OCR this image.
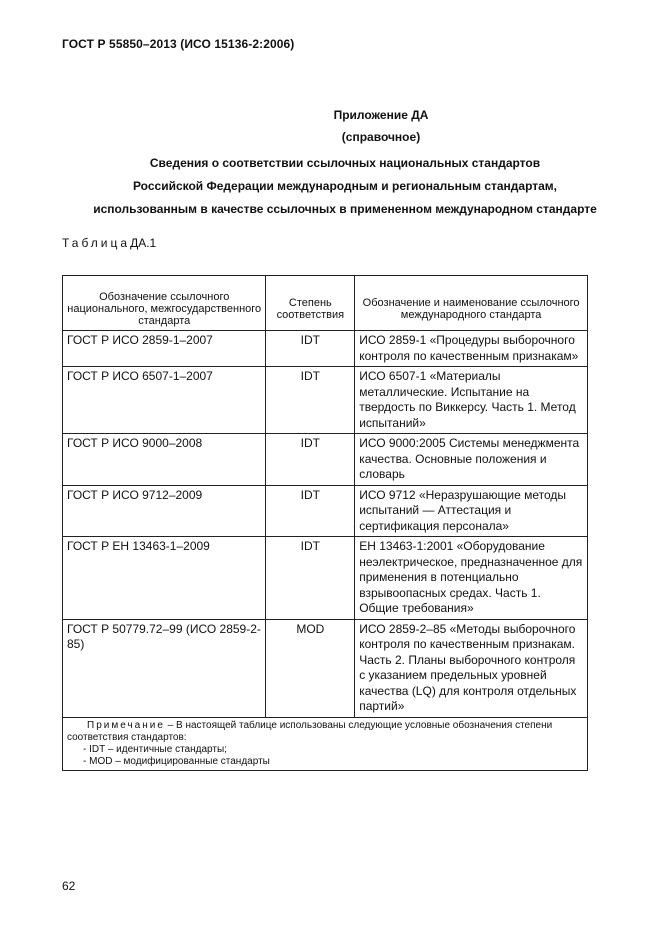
ГОСТ Р 55850–2013 (ИСО 15136-2:2006)
Приложение ДА
(справочное)
Сведения о соответствии ссылочных национальных стандартов
Российской Федерации международным и региональным стандартам,
использованным в качестве ссылочных в примененном международном стандарте
ТаблицаДА.1
Обозначение ссылочного национального, межгосударственного стандарта	Степень соответствия	Обозначение и наименование ссылочного международного стандарта
ГОСТ Р ИСО 2859-1–2007	IDT	ИСО 2859-1 «Процедуры выборочного контроля по качественным признакам»
ГОСТ Р ИСО 6507-1–2007	IDT	ИСО 6507-1 «Материалы металлические. Испытание на твердость по Виккерсу. Часть 1. Метод испытаний»
ГОСТ Р ИСО 9000–2008	IDT	ИСО 9000:2005 Системы менеджмента качества. Основные положения и словарь
ГОСТ Р ИСО 9712–2009	IDT	ИСО 9712 «Неразрушающие методы испытаний — Аттестация и сертификация персонала»
ГОСТ Р ЕН 13463-1–2009	IDT	ЕН 13463-1:2001 «Оборудование неэлектрическое, предназначенное для применения в потенциально взрывоопасных средах. Часть 1. Общие требования»
ГОСТ Р 50779.72–99 (ИСО 2859-2-85)	MOD	ИСО 2859-2–85 «Методы выборочного контроля по качественным признакам. Часть 2. Планы выборочного контроля с указанием предельных уровней качества (LQ) для контроля отдельных партий»

Примечание – В настоящей таблице использованы следующие условные обозначения степени соответствия стандартов:
- IDT – идентичные стандарты;
- MOD – модифицированные стандарты		
62
